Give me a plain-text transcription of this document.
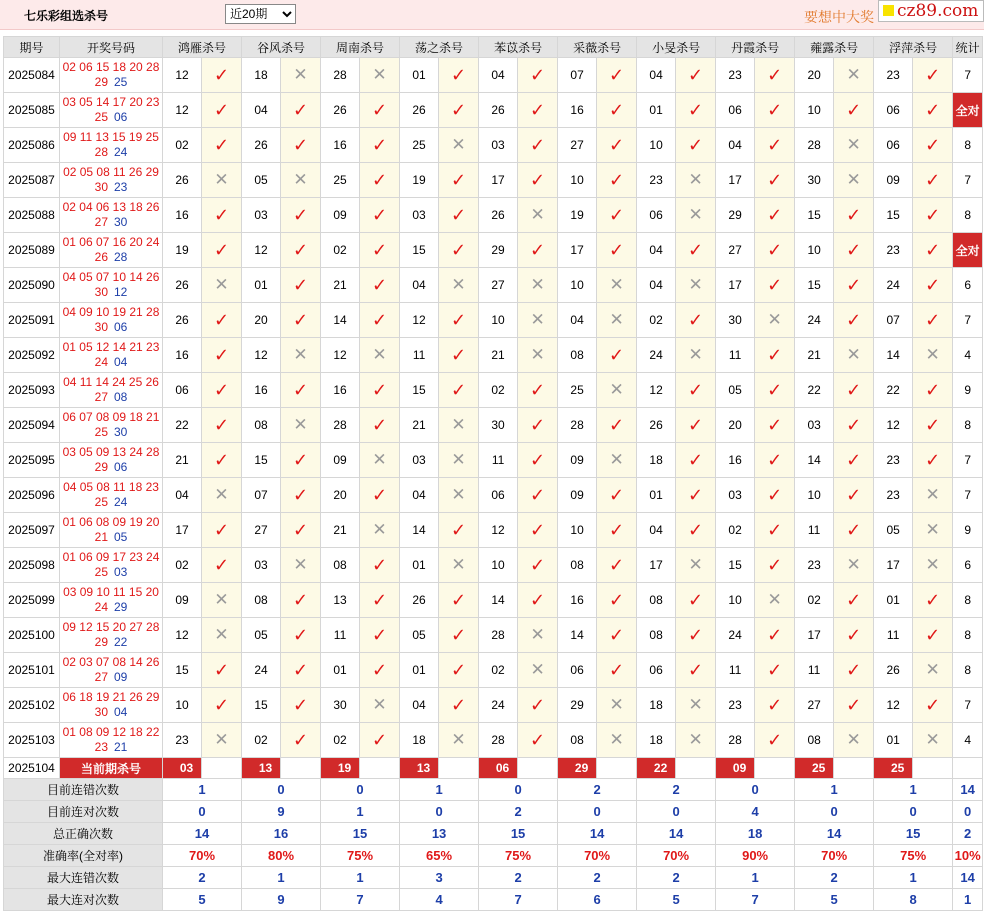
七乐彩组选杀号
近20期	要想中大奖	cz89.com
期号	开奖号码	鸿雁杀号		谷风杀号		周南杀号		荡之杀号		苯苡杀号		采薇杀号		小旻杀号		丹霞杀号		蕹露杀号		浮萍杀号		统计
2025084	02 06 15 18 20 28
29 25	12	✓	18	✕	28	✕	01	✓	04	✓	07	✓	04	✓	23	✓	20	✕	23	✓	7
2025085	03 05 14 17 20 23
25 06	12	✓	04	✓	26	✓	26	✓	26	✓	16	✓	01	✓	06	✓	10	✓	06	✓	全对
2025086	09 11 13 15 19 25
28 24	02	✓	26	✓	16	✓	25	✕	03	✓	27	✓	10	✓	04	✓	28	✕	06	✓	8
2025087	02 05 08 11 26 29
30 23	26	✕	05	✕	25	✓	19	✓	17	✓	10	✓	23	✕	17	✓	30	✕	09	✓	7
2025088	02 04 06 13 18 26
27 30	16	✓	03	✓	09	✓	03	✓	26	✕	19	✓	06	✕	29	✓	15	✓	15	✓	8
2025089	01 06 07 16 20 24
26 28	19	✓	12	✓	02	✓	15	✓	29	✓	17	✓	04	✓	27	✓	10	✓	23	✓	全对
2025090	04 05 07 10 14 26
30 12	26	✕	01	✓	21	✓	04	✕	27	✕	10	✕	04	✕	17	✓	15	✓	24	✓	6
2025091	04 09 10 19 21 28
30 06	26	✓	20	✓	14	✓	12	✓	10	✕	04	✕	02	✓	30	✕	24	✓	07	✓	7
2025092	01 05 12 14 21 23
24 04	16	✓	12	✕	12	✕	11	✓	21	✕	08	✓	24	✕	11	✓	21	✕	14	✕	4
2025093	04 11 14 24 25 26
27 08	06	✓	16	✓	16	✓	15	✓	02	✓	25	✕	12	✓	05	✓	22	✓	22	✓	9
2025094	06 07 08 09 18 21
25 30	22	✓	08	✕	28	✓	21	✕	30	✓	28	✓	26	✓	20	✓	03	✓	12	✓	8
2025095	03 05 09 13 24 28
29 06	21	✓	15	✓	09	✕	03	✕	11	✓	09	✕	18	✓	16	✓	14	✓	23	✓	7
2025096	04 05 08 11 18 23
25 24	04	✕	07	✓	20	✓	04	✕	06	✓	09	✓	01	✓	03	✓	10	✓	23	✕	7
2025097	01 06 08 09 19 20
21 05	17	✓	27	✓	21	✕	14	✓	12	✓	10	✓	04	✓	02	✓	11	✓	05	✕	9
2025098	01 06 09 17 23 24
25 03	02	✓	03	✕	08	✓	01	✕	10	✓	08	✓	17	✕	15	✓	23	✕	17	✕	6
2025099	03 09 10 11 15 20
24 29	09	✕	08	✓	13	✓	26	✓	14	✓	16	✓	08	✓	10	✕	02	✓	01	✓	8
2025100	09 12 15 20 27 28
29 22	12	✕	05	✓	11	✓	05	✓	28	✕	14	✓	08	✓	24	✓	17	✓	11	✓	8
2025101	02 03 07 08 14 26
27 09	15	✓	24	✓	01	✓	01	✓	02	✕	06	✓	06	✓	11	✓	11	✓	26	✕	8
2025102	06 18 19 21 26 29
30 04	10	✓	15	✓	30	✕	04	✓	24	✓	29	✕	18	✕	23	✓	27	✓	12	✓	7
2025103	01 08 09 12 18 22
23 21	23	✕	02	✓	02	✓	18	✕	28	✓	08	✕	18	✕	28	✓	08	✕	01	✕	4
2025104	当前期杀号	03		13		19		13		06		29		22		09		25		25		
目前连错次数		1		0		0		1		0		2		2		0		1		1		14
目前连对次数		0		9		1		0		2		0		0		4		0		0		0
总正确次数		14		16		15		13		15		14		14		18		14		15		2
准确率(全对率)		70%		80%		75%		65%		75%		70%		70%		90%		70%		75%		10%
最大连错次数		2		1		1		3		2		2		2		1		2		1		14
最大连对次数		5		9		7		4		7		6		5		7		5		8		1
